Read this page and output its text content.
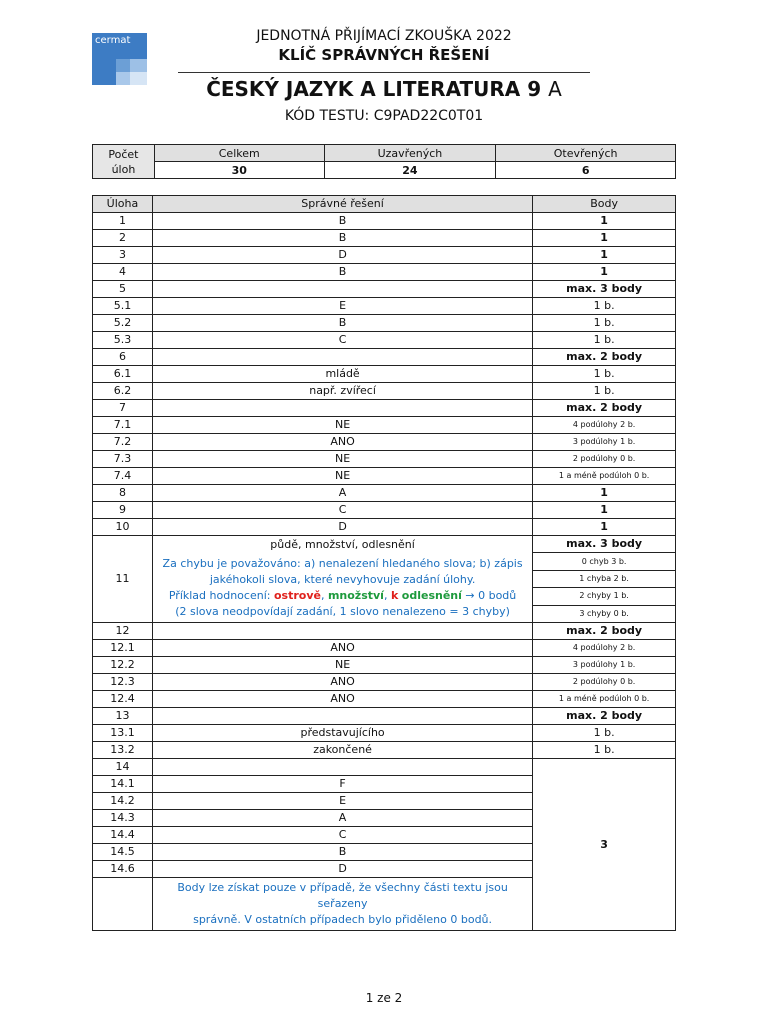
cermat	JEDNOTNÁ PŘIJÍMACÍ ZKOUŠKA 2022
KLÍČ SPRÁVNÝCH ŘEŠENÍ
ČESKÝ JAZYK A LITERATURA 9 A
KÓD TESTU: C9PAD22C0T01
Počet
úloh	Celkem	Uzavřených	Otevřených
	30	24	6
Úloha	Správné řešení	Body
1	B	1
2	B	1
3	D	1
4	B	1
5		max. 3 body
5.1	E	1 b.
5.2	B	1 b.
5.3	C	1 b.
6		max. 2 body
6.1	mládě	1 b.
6.2	např. zvířecí	1 b.
7		max. 2 body
7.1	NE	4 podúlohy 2 b.
7.2	ANO	3 podúlohy 1 b.
7.3	NE	2 podúlohy 0 b.
7.4	NE	1 a méně podúloh 0 b.
8	A	1
9	C	1
10	D	1
11	půdě, množství, odlesnění
Za chybu je považováno: a) nenalezení hledaného slova; b) zápis
jakéhokoli slova, které nevyhovuje zadání úlohy.
Příklad hodnocení: ostrově, množství, k odlesnění → 0 bodů
(2 slova neodpovídají zadání, 1 slovo nenalezeno = 3 chyby)	max. 3 body
		0 chyb 3 b.
		1 chyba 2 b.
		2 chyby 1 b.
		3 chyby 0 b.
12		max. 2 body
12.1	ANO	4 podúlohy 2 b.
12.2	NE	3 podúlohy 1 b.
12.3	ANO	2 podúlohy 0 b.
12.4	ANO	1 a méně podúloh 0 b.
13		max. 2 body
13.1	představujícího	1 b.
13.2	zakončené	1 b.
14		3
14.1	F	
14.2	E	
14.3	A	
14.4	C	
14.5	B	
14.6	D	
	Body lze získat pouze v případě, že všechny části textu jsou seřazeny
správně. V ostatních případech bylo přiděleno 0 bodů.	
1 ze 2
